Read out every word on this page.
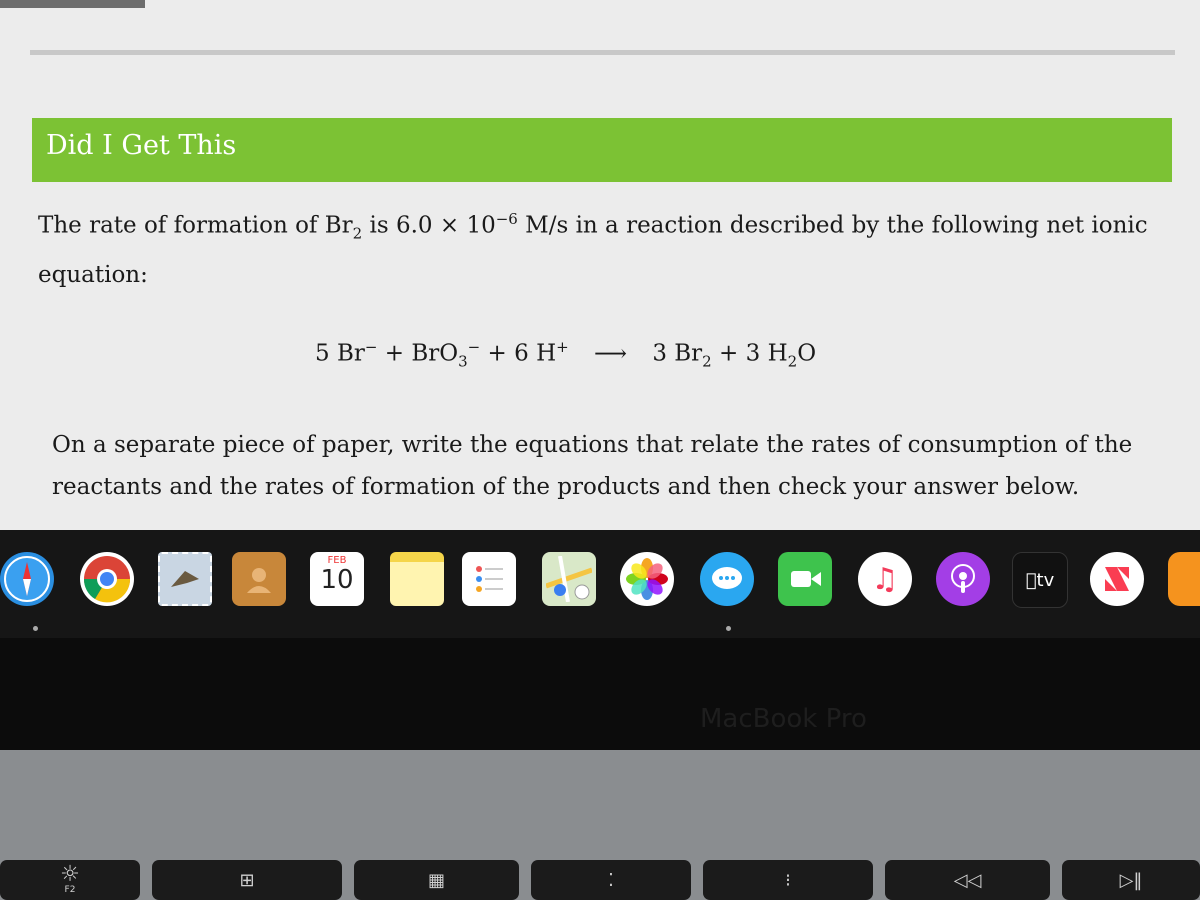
Did I Get This
The rate of formation of $Br_2$ is $6.0 \times 10^{-6}$ M/s in a reaction described by the following net ionic equation:
5 Br− + BrO$_3$− + 6 H+ ⟶ 3 $Br_2 + 3$ $H_2O$
On a separate piece of paper, write the equations that relate the rates of consumption of the reactants and the rates of formation of the products and then check your answer below.
FEB
10	♫	tv
MacBook Pro
☼
F2	⊞	▦	⁚	⁝	◁◁	▷‖
